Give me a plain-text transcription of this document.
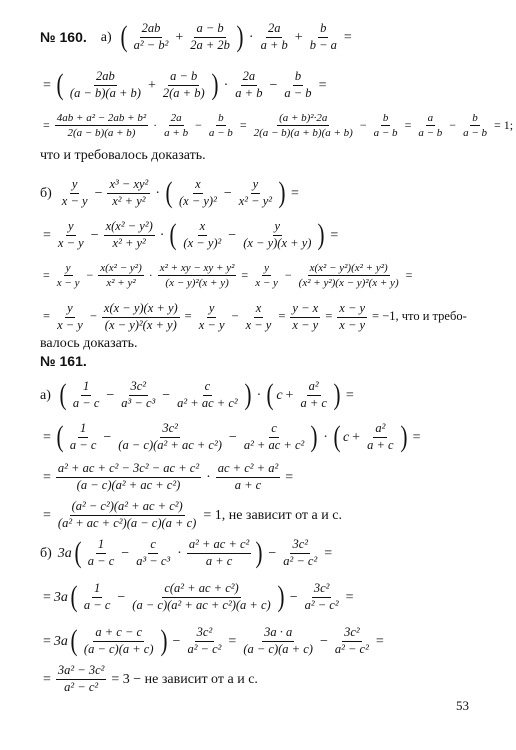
№ 160. а) ( $\frac{2ab}{\text{a² − b²}} + \frac{a - b}{2a + 2b}$ ) · $\frac{2a}{a + b} + \frac{b}{b - a}$ =
= ( $\frac{2ab}{(a - b)(a + b)} + \frac{a - b}{2(a + b)}$ ) · $\frac{2a}{a + b} - \frac{b}{a - b}$ =
= $\frac{\text{4ab + a² − 2ab + b²}}{2(a - b)(a + b)} \cdot \frac{2a}{a + b} - \frac{b}{a - b} = \frac{\text{(a + b)²·2a}}{2(a - b)(a + b)(a + b)} - \frac{b}{a - b} = \frac{a}{a - b} - \frac{b}{a - b} = 1$;
что и требовалось доказать.
$б) \frac{y}{x - y} - \frac{\text{x³ − xy²}}{\text{x² + y²}}$ · ( $\frac{x}{\text{(x − y)²}} - \frac{y}{\text{x² − y²}}$ ) =
= $\frac{y}{x - y} - \frac{\text{x(x² − y²)}}{\text{x² + y²}}$ · ( $\frac{x}{\text{(x − y)²}} - \frac{y}{(x - y)(x + y)}$ ) =
= $\frac{y}{x - y} - \frac{\text{x(x² − y²)}}{\text{x² + y²}} \cdot \frac{\text{x² + xy − xy + y²}}{\text{(x − y)²(x + y)}} = \frac{y}{x - y} - \frac{\text{x(x² − y²)(x² + y²)}}{\text{(x² + y²)(x − y)²(x + y)}}$ =
= $\frac{y}{x - y} - \frac{x(x - y)(x + y)}{\text{(x − y)²(x + y)}} = \frac{y}{x - y} - \frac{x}{x - y} = \frac{y - x}{x - y} = \frac{x - y}{x - y} = -1$, что и требо-
валось доказать.
№ 161.
а) ( $\frac{1}{a - c} - \frac{\text{3c²}}{\text{a³ − c³}} - \frac{c}{\text{a² + ac + c²}}$ ) · ( $c + \frac{\text{a²}}{a + c}$ ) =
= ( $\frac{1}{a - c} - \frac{\text{3c²}}{\text{(a − c)(a² + ac + c²)}} - \frac{c}{\text{a² + ac + c²}}$ ) · ( $c + \frac{\text{a²}}{a + c}$ ) =
= $\frac{\text{a² + ac + c² − 3c² − ac + c²}}{\text{(a − c)(a² + ac + c²)}} \cdot \frac{\text{ac + c² + a²}}{a + c}$ =
= $\frac{\text{(a² − c²)(a² + ac + c²)}}{\text{(a² + ac + c²)(a − c)(a + c)}} = 1$, не зависит от a и c.
б) 3a ( $\frac{1}{a - c} - \frac{c}{\text{a³ − c³}} \cdot \frac{\text{a² + ac + c²}}{a + c}$ ) − $\frac{\text{3c²}}{\text{a² − c²}}$ =
= 3a ( $\frac{1}{a - c} - \frac{\text{c(a² + ac + c²)}}{\text{(a − c)(a² + ac + c²)(a + c)}}$ ) − $\frac{\text{3c²}}{\text{a² − c²}}$ =
= 3a ( $\frac{a + c - c}{(a - c)(a + c)}$ ) − $\frac{\text{3c²}}{\text{a² − c²}} = \frac{3a \cdot a}{(a - c)(a + c)} - \frac{\text{3c²}}{\text{a² − c²}}$ =
= $\frac{\text{3a² − 3c²}}{\text{a² − c²}} = 3$ − не зависит от a и c.
53
